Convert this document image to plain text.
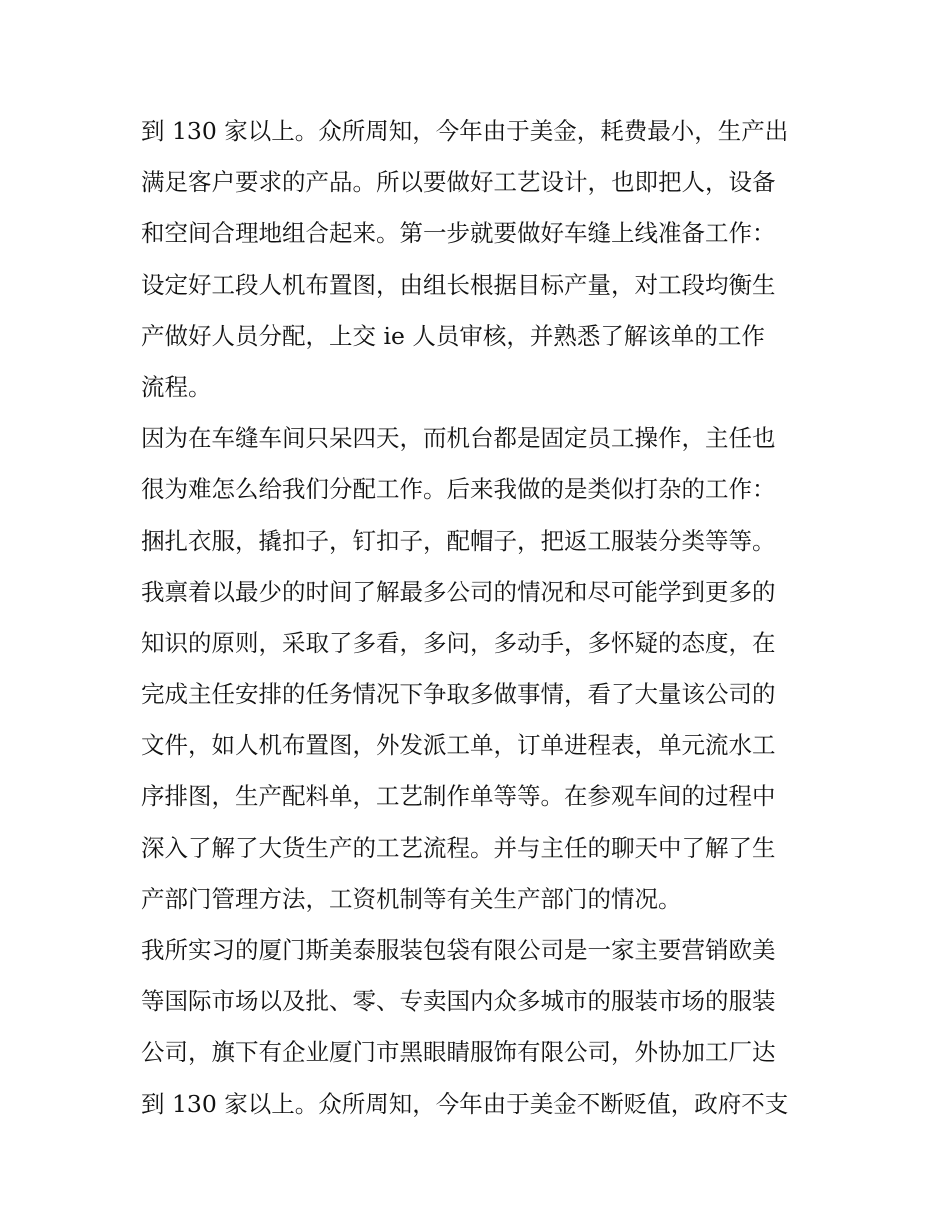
到 130 家以上。众所周知，今年由于美金，耗费最小，生产出
满足客户要求的产品。所以要做好工艺设计，也即把人，设备
和空间合理地组合起来。第一步就要做好车缝上线准备工作：
设定好工段人机布置图，由组长根据目标产量，对工段均衡生
产做好人员分配，上交 ie 人员审核，并熟悉了解该单的工作
流程。
因为在车缝车间只呆四天，而机台都是固定员工操作，主任也
很为难怎么给我们分配工作。后来我做的是类似打杂的工作：
捆扎衣服，撬扣子，钉扣子，配帽子，把返工服装分类等等。
我禀着以最少的时间了解最多公司的情况和尽可能学到更多的
知识的原则，采取了多看，多问，多动手，多怀疑的态度，在
完成主任安排的任务情况下争取多做事情，看了大量该公司的
文件，如人机布置图，外发派工单，订单进程表，单元流水工
序排图，生产配料单，工艺制作单等等。在参观车间的过程中
深入了解了大货生产的工艺流程。并与主任的聊天中了解了生
产部门管理方法，工资机制等有关生产部门的情况。
我所实习的厦门斯美泰服装包袋有限公司是一家主要营销欧美
等国际市场以及批、零、专卖国内众多城市的服装市场的服装
公司，旗下有企业厦门市黑眼睛服饰有限公司，外协加工厂达
到 130 家以上。众所周知，今年由于美金不断贬值，政府不支
